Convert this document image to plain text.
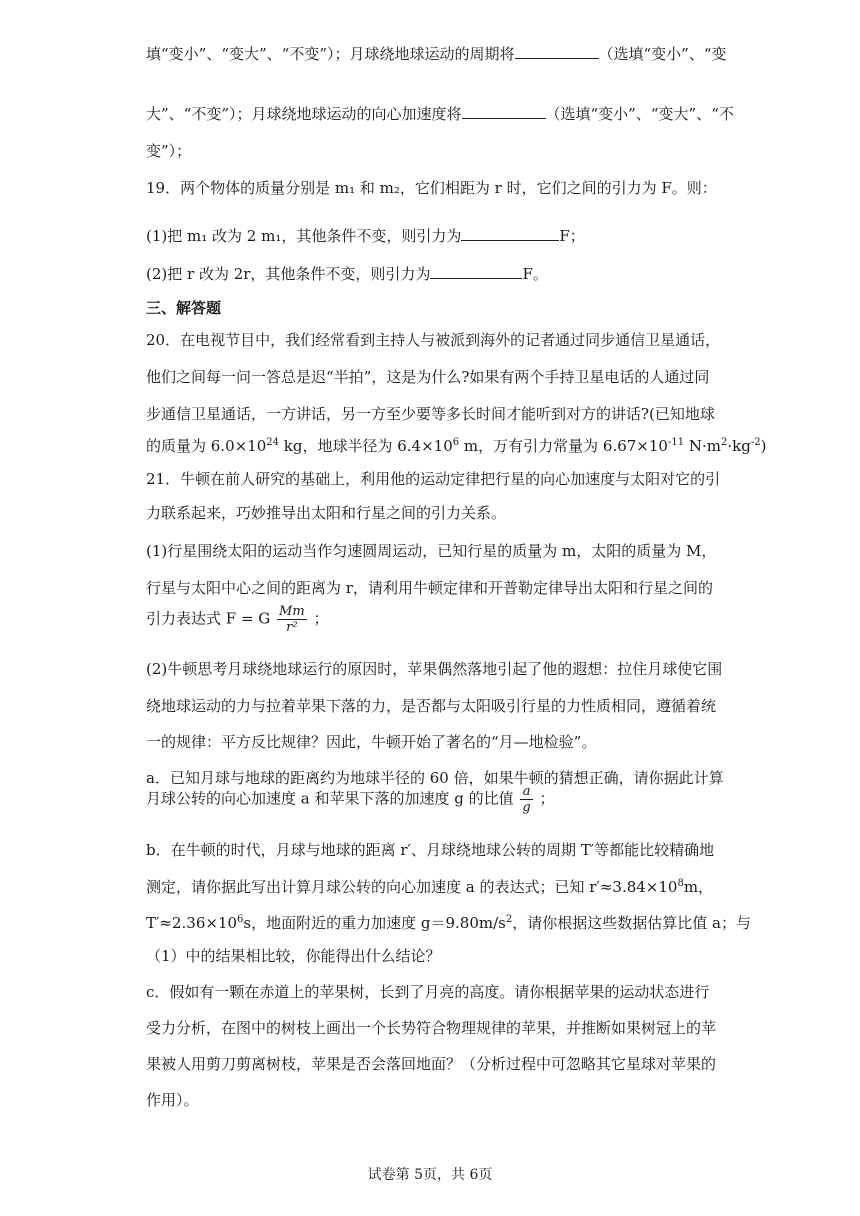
填“变小”、“变大”、“不变”）；月球绕地球运动的周期将	（选填“变小”、“变
大”、“不变”）；月球绕地球运动的向心加速度将	（选填“变小”、“变大”、“不
变”）；
19．两个物体的质量分别是 m₁ 和 m₂，它们相距为 r 时，它们之间的引力为 F。则：
(1)把 m₁ 改为 2 m₁，其他条件不变，则引力为	F；
(2)把 r 改为 2r，其他条件不变，则引力为	F。
三、解答题
20．在电视节目中，我们经常看到主持人与被派到海外的记者通过同步通信卫星通话，
他们之间每一问一答总是迟“半拍”，这是为什么?如果有两个手持卫星电话的人通过同
步通信卫星通话，一方讲话，另一方至少要等多长时间才能听到对方的讲话?(已知地球
的质量为 $6.0\times 10^{24}$ kg，地球半径为 $6.4\times 10^6$ m，万有引力常量为 $6.67\times 10^{-11}$ $N\cdot m^2\cdot kg^{-2}$)
21．牛顿在前人研究的基础上，利用他的运动定律把行星的向心加速度与太阳对它的引
力联系起来，巧妙推导出太阳和行星之间的引力关系。
(1)行星围绕太阳的运动当作匀速圆周运动，已知行星的质量为 m，太阳的质量为 M，
行星与太阳中心之间的距离为 r，请利用牛顿定律和开普勒定律导出太阳和行星之间的
引力表达式 F = G $\frac{Mm}{\text{r²}}$ ；
(2)牛顿思考月球绕地球运行的原因时，苹果偶然落地引起了他的遐想：拉住月球使它围
绕地球运动的力与拉着苹果下落的力，是否都与太阳吸引行星的力性质相同，遵循着统
一的规律：平方反比规律？因此，牛顿开始了著名的“月—地检验”。
a．已知月球与地球的距离约为地球半径的 60 倍，如果牛顿的猜想正确，请你据此计算
月球公转的向心加速度 a 和苹果下落的加速度 g 的比值 $\frac{a}{g}$ ；
b．在牛顿的时代，月球与地球的距离 r′、月球绕地球公转的周期 T′等都能比较精确地
测定，请你据此写出计算月球公转的向心加速度 a 的表达式；已知 $r'\approx 3.84\times 10^8m$，
$T'\approx 2.36\times 10^6s$，地面附近的重力加速度 $g=9.80m/s^2$，请你根据这些数据估算比值 a；与
（1）中的结果相比较，你能得出什么结论？
c．假如有一颗在赤道上的苹果树，长到了月亮的高度。请你根据苹果的运动状态进行
受力分析，在图中的树枝上画出一个长势符合物理规律的苹果，并推断如果树冠上的苹
果被人用剪刀剪离树枝，苹果是否会落回地面？（分析过程中可忽略其它星球对苹果的
作用）。
试卷第 5页，共 6页
